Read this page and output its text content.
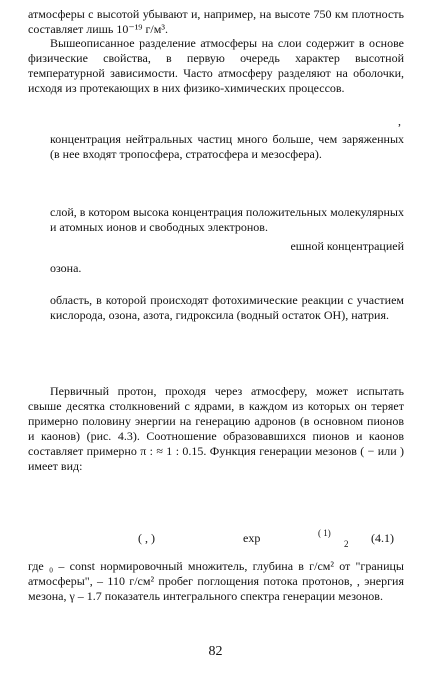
атмосферы с высотой убывают и, например, на высоте 750 км плотность составляет лишь 10⁻¹⁹ г/м³.
Вышеописанное разделение атмосферы на слои содержит в основе физические свойства, в первую очередь характер высотной температурной зависимости. Часто атмосферу разделяют на оболочки, исходя из протекающих в них физико-химических процессов.
,
концентрация нейтральных частиц много больше, чем заряженных (в нее входят тропосфера, стратосфера и мезосфера).
слой, в котором высока концентрация положительных молекулярных и атомных ионов и свободных электронов.
ешной концентрацией
озона.
область, в которой происходят фотохимические реакции с участием кислорода, озона, азота, гидроксила (водный остаток ОН), натрия.
Первичный протон, проходя через атмосферу, может испытать свыше десятка столкновений с ядрами, в каждом из которых он теряет примерно половину энергии на генерацию адронов (в основном пионов и каонов) (рис. 4.3). Соотношение образовавшихся пионов и каонов составляет примерно π : ≈ 1 : 0.15. Функция генерации мезонов ( − или ) имеет вид:
( , )	exp	( 1)
2 (4.1)
где ₀ – const нормировочный множитель, глубина в г/см² от "границы атмосферы", – 110 г/см² пробег поглощения потока протонов, , энергия мезона, γ – 1.7 показатель интегрального спектра генерации мезонов.
82
